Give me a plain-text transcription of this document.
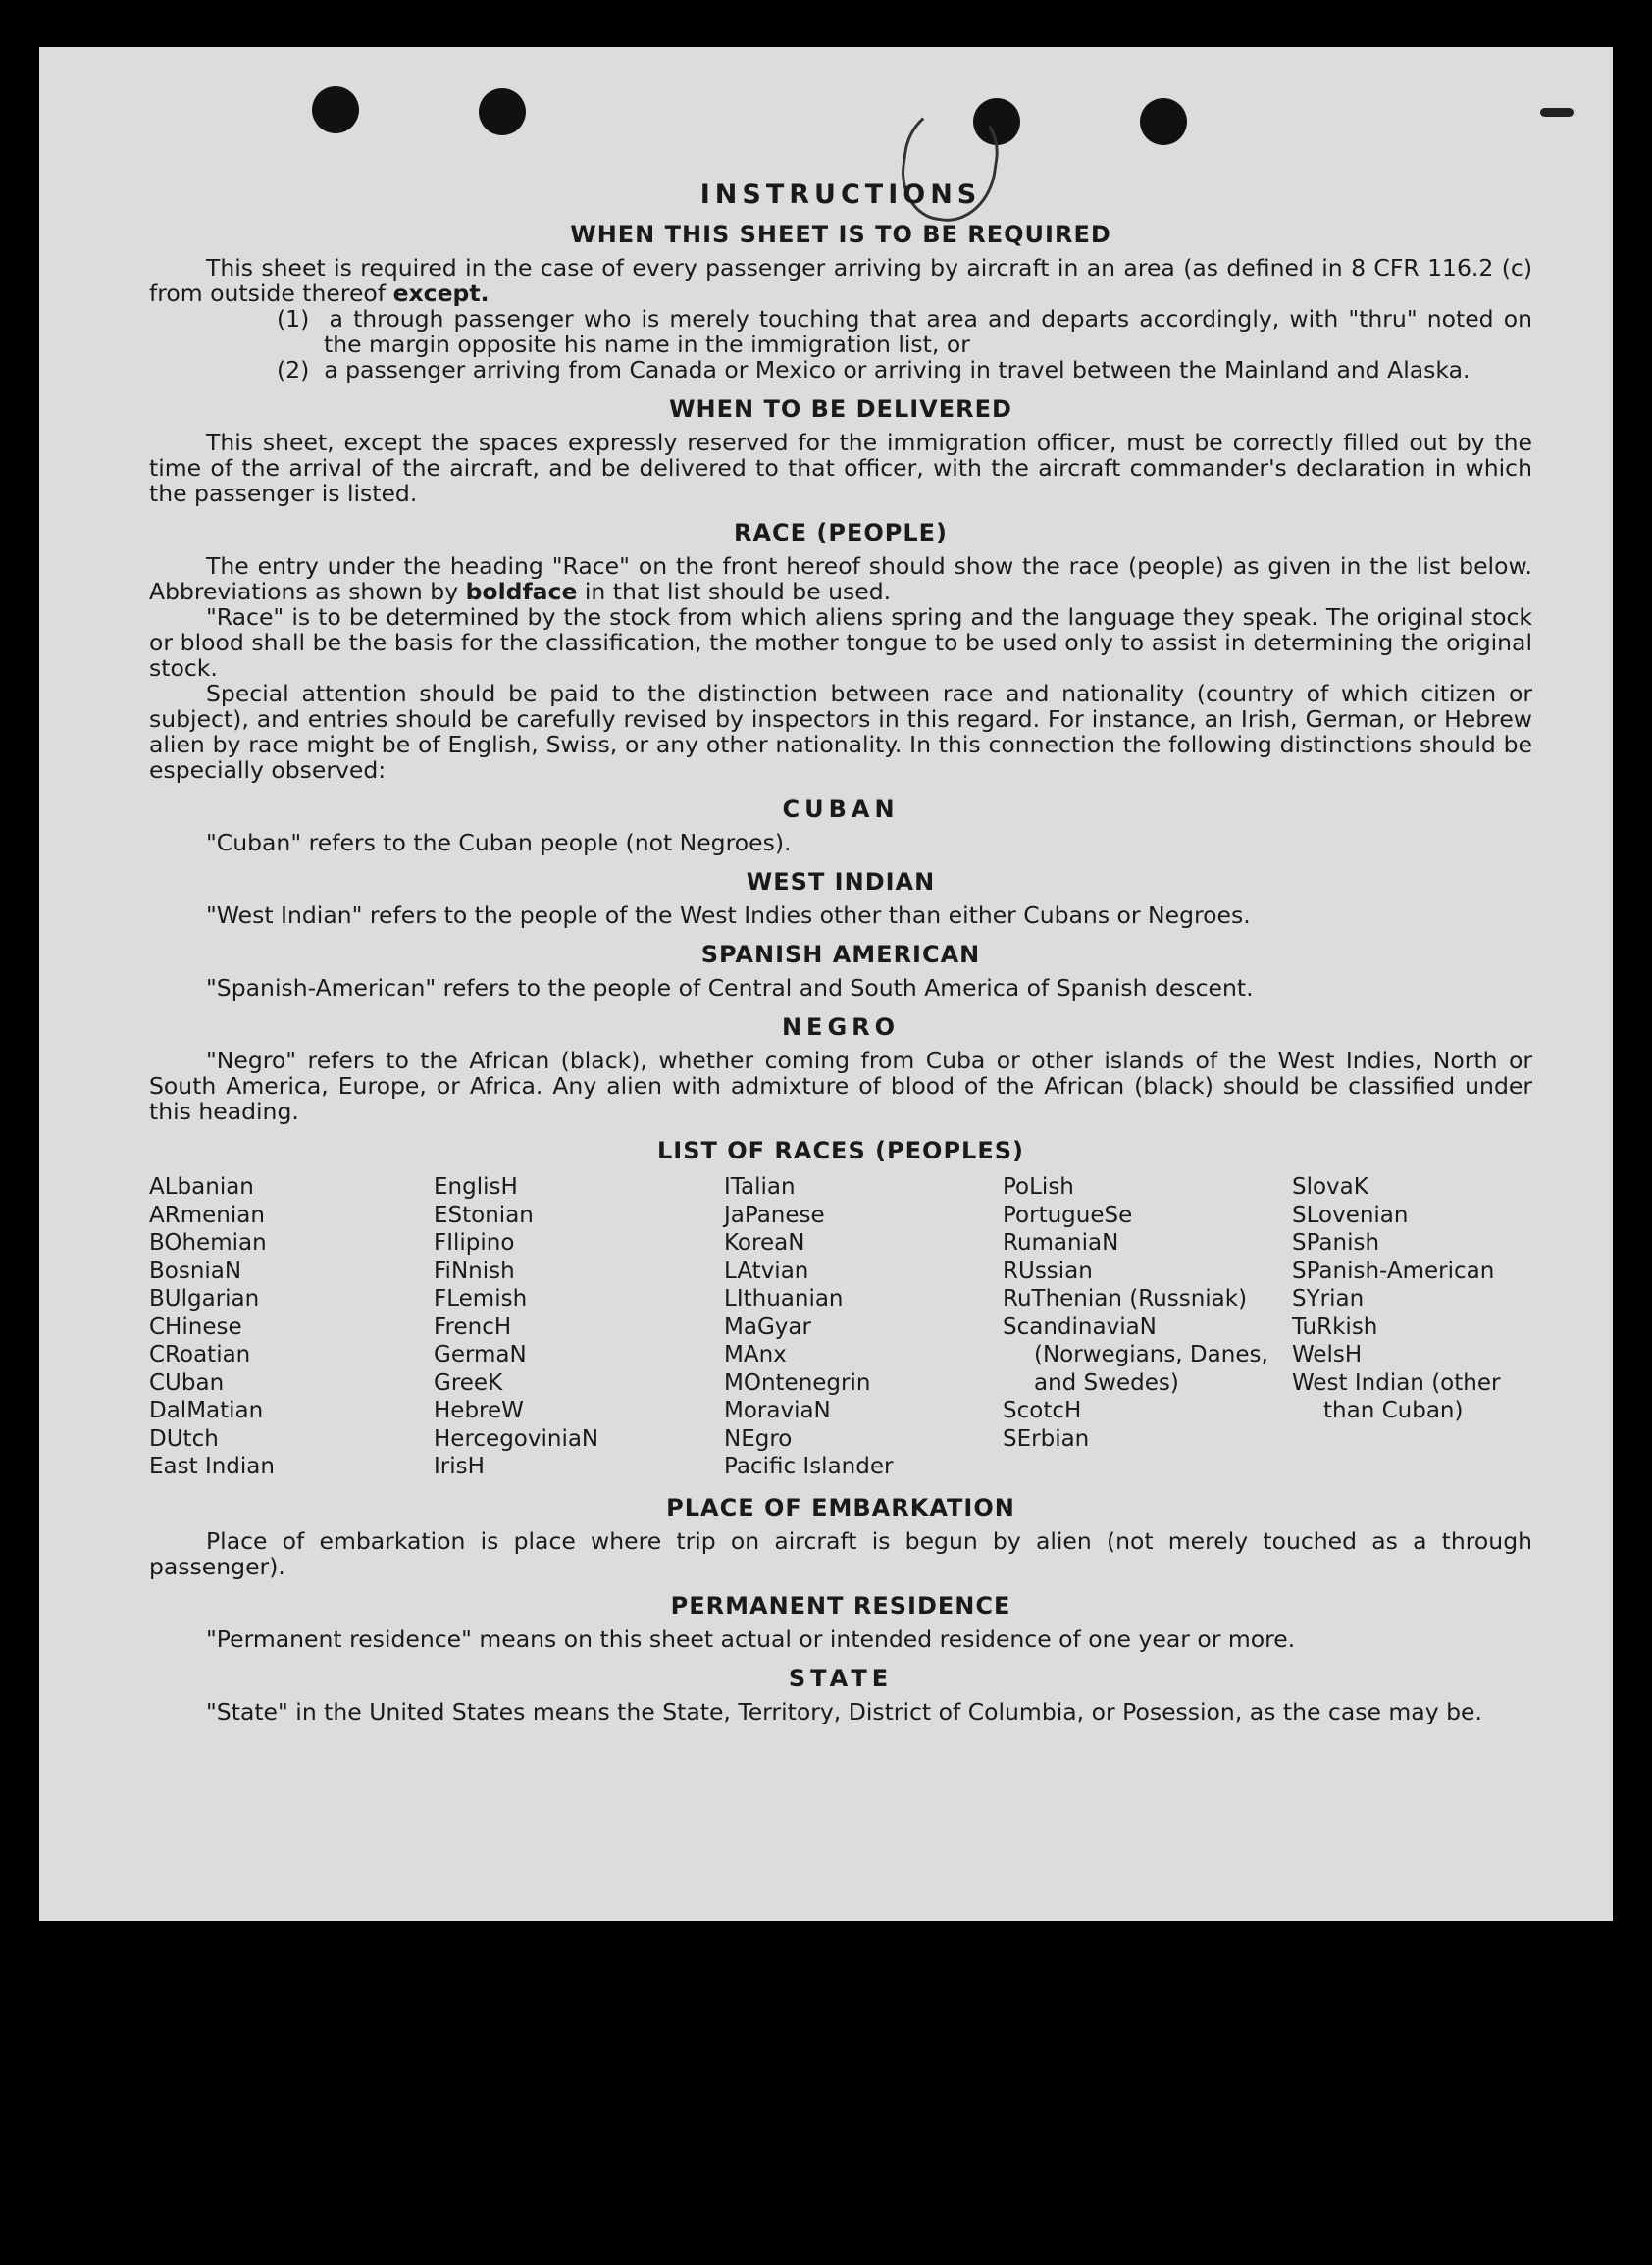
INSTRUCTIONS
WHEN THIS SHEET IS TO BE REQUIRED

This sheet is required in the case of every passenger arriving by aircraft in an area (as defined in 8 CFR 116.2 (c) from outside thereof except.

(1) a through passenger who is merely touching that area and departs accordingly, with "thru" noted on the margin opposite his name in the immigration list, or

(2) a passenger arriving from Canada or Mexico or arriving in travel between the Mainland and Alaska.

WHEN TO BE DELIVERED

This sheet, except the spaces expressly reserved for the immigration officer, must be correctly filled out by the time of the arrival of the aircraft, and be delivered to that officer, with the aircraft commander's declaration in which the passenger is listed.

RACE (PEOPLE)

The entry under the heading "Race" on the front hereof should show the race (people) as given in the list below. Abbreviations as shown by boldface in that list should be used.

"Race" is to be determined by the stock from which aliens spring and the language they speak. The original stock or blood shall be the basis for the classification, the mother tongue to be used only to assist in determining the original stock.

Special attention should be paid to the distinction between race and nationality (country of which citizen or subject), and entries should be carefully revised by inspectors in this regard. For instance, an Irish, German, or Hebrew alien by race might be of English, Swiss, or any other nationality. In this connection the following distinctions should be especially observed:

CUBAN

"Cuban" refers to the Cuban people (not Negroes).

WEST INDIAN

"West Indian" refers to the people of the West Indies other than either Cubans or Negroes.

SPANISH AMERICAN

"Spanish-American" refers to the people of Central and South America of Spanish descent.

NEGRO

"Negro" refers to the African (black), whether coming from Cuba or other islands of the West Indies, North or South America, Europe, or Africa. Any alien with admixture of blood of the African (black) should be classified under this heading.

LIST OF RACES (PEOPLES)
ALbanian
ARmenian
BOhemian
BosniaN
BUlgarian
CHinese
CRoatian
CUban
DalMatian
DUtch
East Indian
EnglisH
EStonian
FIlipino
FiNnish
FLemish
FrencH
GermaN
GreeK
HebreW
HercegoviniaN
IrisH
ITalian
JaPanese
KoreaN
LAtvian
LIthuanian
MaGyar
MAnx
MOntenegrin
MoraviaN
NEgro
Pacific Islander
PoLish
PortugueSe
RumaniaN
RUssian
RuThenian (Russniak)
ScandinaviaN (Norwegians, Danes, and Swedes)
ScotcH
SErbian
SlovaK
SLovenian
SPanish
SPanish-American
SYrian
TuRkish
WelsH
West Indian (other than Cuban)
PLACE OF EMBARKATION

Place of embarkation is place where trip on aircraft is begun by alien (not merely touched as a through passenger).

PERMANENT RESIDENCE

"Permanent residence" means on this sheet actual or intended residence of one year or more.

STATE

"State" in the United States means the State, Territory, District of Columbia, or Posession, as the case may be.
